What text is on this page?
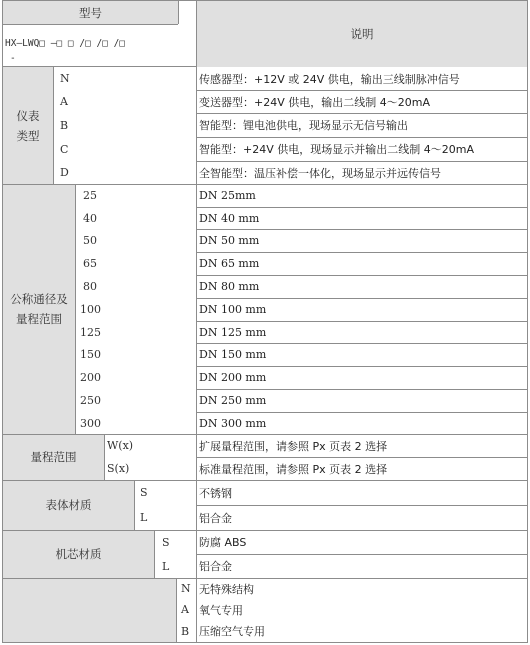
型号
HX—LWQ□ —□ □ /□ /□ /□
-
说明
仪表
类型
公称通径及
量程范围
量程范围
表体材质
机芯材质
N
A
B
C
D
25
40
50
65
80
100
125
150
200
250
300
W(x)
S(x)
S
L
S
L
N
A
B
传感器型：+12V 或 24V 供电，输出三线制脉冲信号
变送器型：+24V 供电，输出二线制 4～20mA
智能型：锂电池供电，现场显示无信号输出
智能型：+24V 供电，现场显示并输出二线制 4～20mA
全智能型：温压补偿一体化，现场显示并远传信号
DN 25mm
DN 40 mm
DN 50 mm
DN 65 mm
DN 80 mm
DN 100 mm
DN 125 mm
DN 150 mm
DN 200 mm
DN 250 mm
DN 300 mm
扩展量程范围，请参照 Px 页表 2 选择
标准量程范围，请参照 Px 页表 2 选择
不锈钢
铝合金
防腐 ABS
铝合金
无特殊结构
氧气专用
压缩空气专用
